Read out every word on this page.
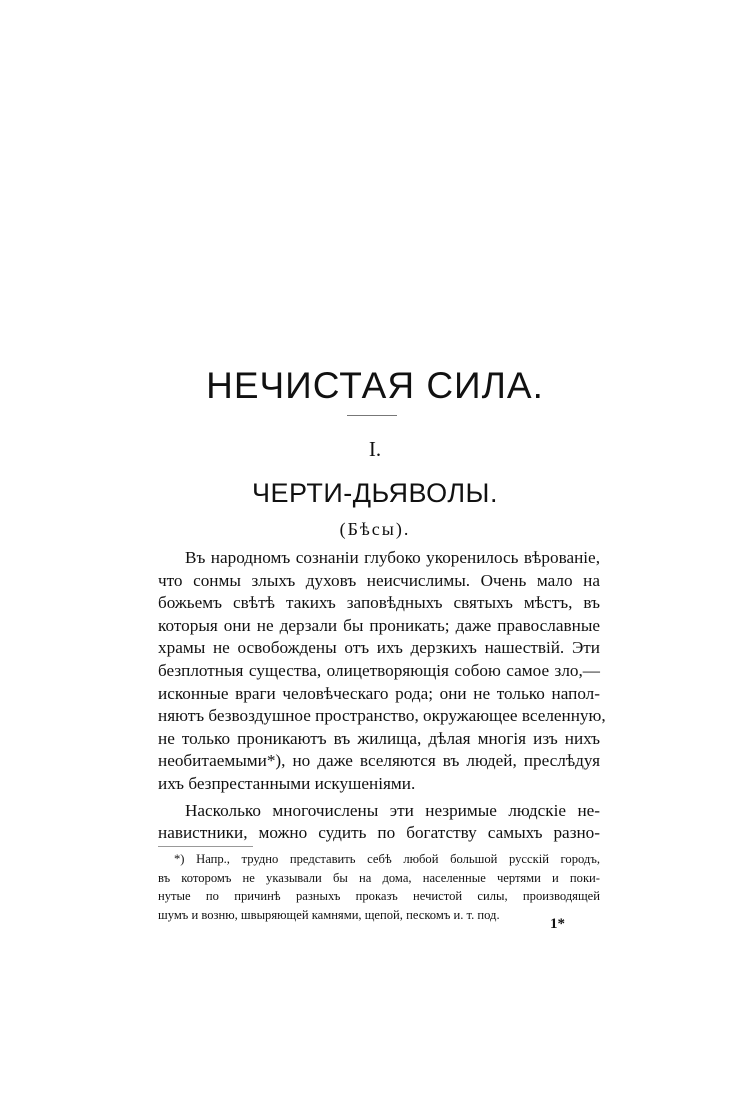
НЕЧИСТАЯ СИЛА.
I.
ЧЕРТИ-ДЬЯВОЛЫ.
(Бѣсы).
Въ народномъ сознаніи глубоко укоренилось вѣрованіе,
что сонмы злыхъ духовъ неисчислимы. Очень мало на
божьемъ свѣтѣ такихъ заповѣдныхъ святыхъ мѣстъ, въ
которыя они не дерзали бы проникать; даже православные
храмы не освобождены отъ ихъ дерзкихъ нашествій. Эти
безплотныя существа, олицетворяющія собою самое зло,—
исконные враги человѣческаго рода; они не только напол-
няютъ безвоздушное пространство, окружающее вселенную,
не только проникаютъ въ жилища, дѣлая многія изъ нихъ
необитаемыми*), но даже вселяются въ людей, преслѣдуя
ихъ безпрестанными искушеніями.
Насколько многочислены эти незримые людскіе не-
навистники, можно судить по богатству самыхъ разно-
*) Напр., трудно представить себѣ любой большой русскій городъ,
въ которомъ не указывали бы на дома, населенные чертями и поки-
нутые по причинѣ разныхъ проказъ нечистой силы, производящей
шумъ и возню, швыряющей камнями, щепой, пескомъ и. т. под.
1*
